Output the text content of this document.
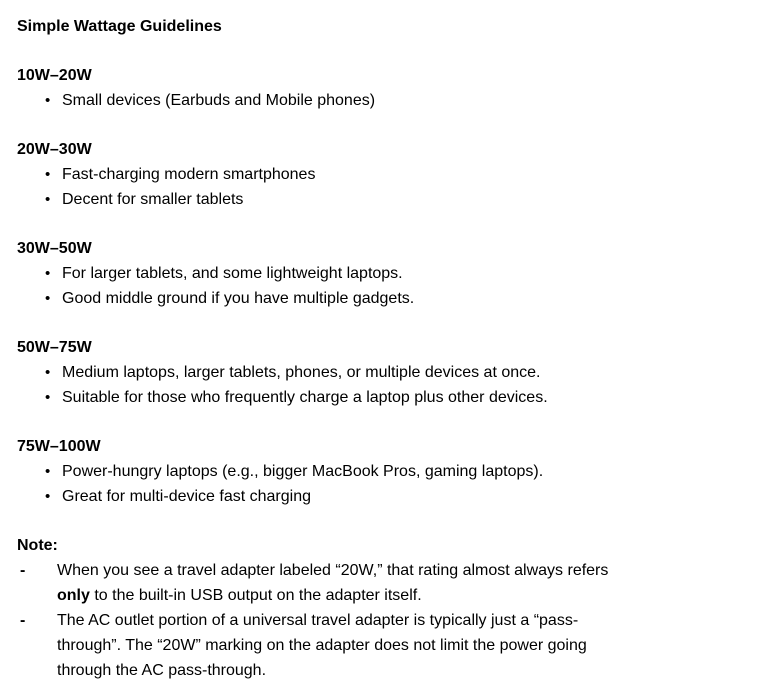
Simple Wattage Guidelines
10W–20W
• Small devices (Earbuds and Mobile phones)
20W–30W
• Fast-charging modern smartphones
• Decent for smaller tablets
30W–50W
• For larger tablets, and some lightweight laptops.
• Good middle ground if you have multiple gadgets.
50W–75W
• Medium laptops, larger tablets, phones, or multiple devices at once.
• Suitable for those who frequently charge a laptop plus other devices.
75W–100W
• Power-hungry laptops (e.g., bigger MacBook Pros, gaming laptops).
• Great for multi-device fast charging
Note:
-	When you see a travel adapter labeled “20W,” that rating almost always refers
only to the built-in USB output on the adapter itself.
-	The AC outlet portion of a universal travel adapter is typically just a “pass-
through”. The “20W” marking on the adapter does not limit the power going
through the AC pass-through.
